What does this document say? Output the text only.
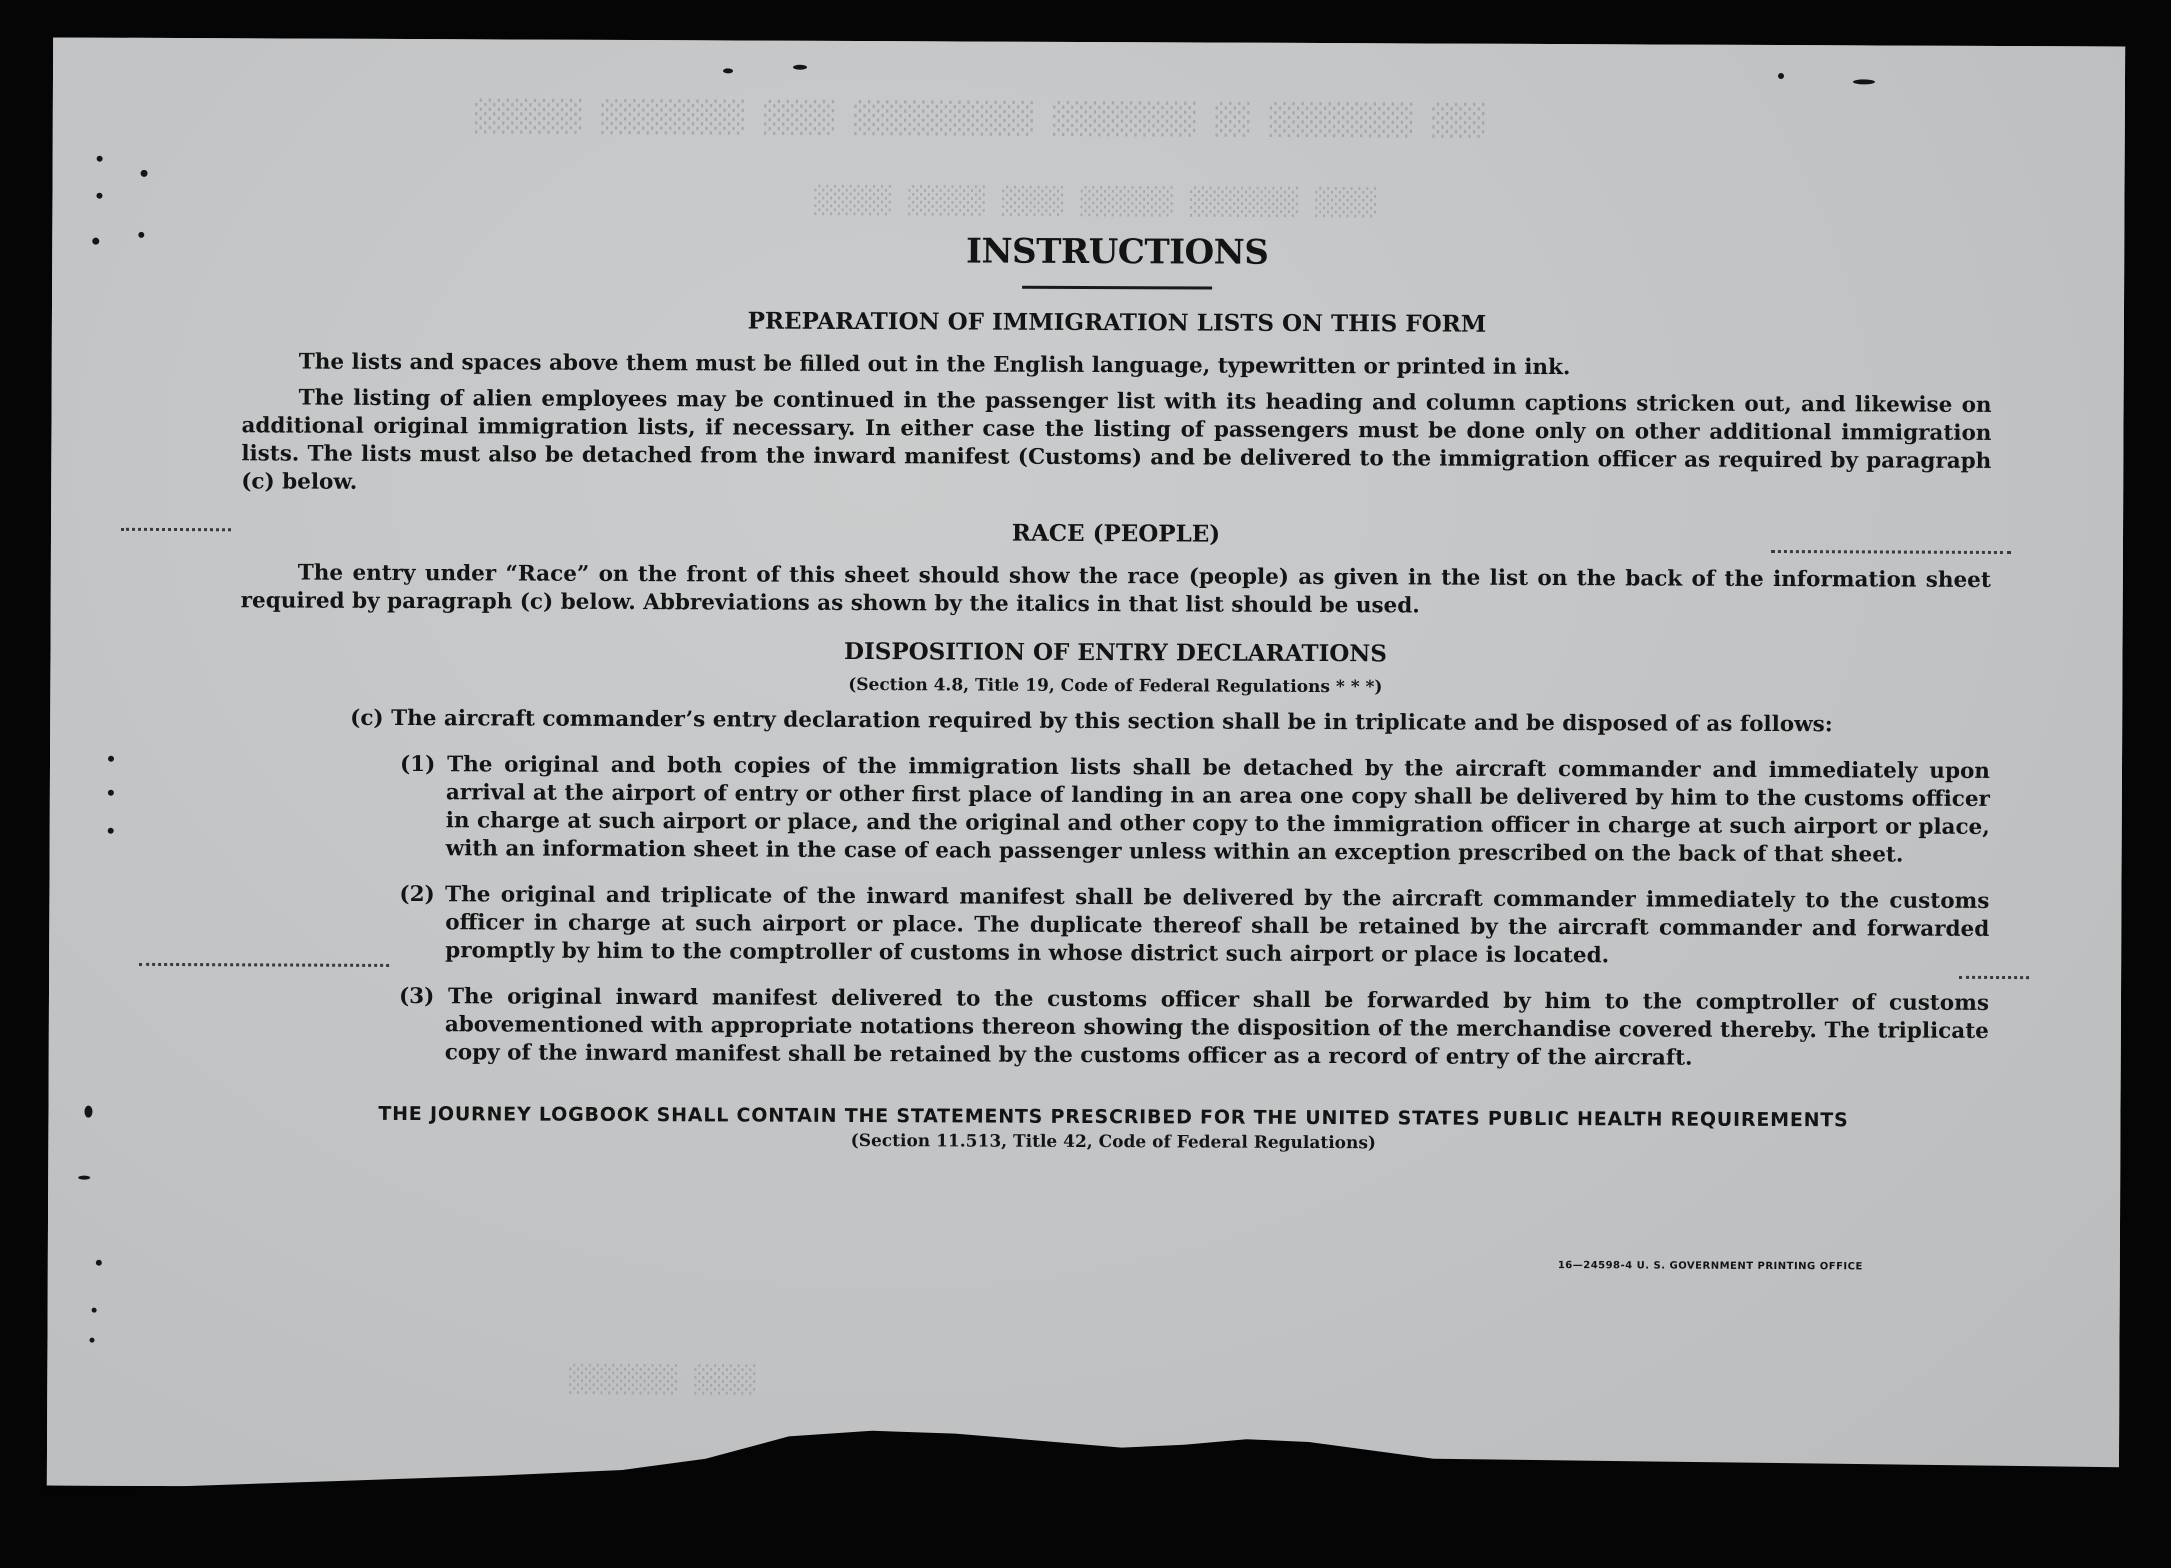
░░░ ░░░░░░░░ ░░ ░░░░░░░░ ░░░░░░░░░░ ░░░░ ░░░░░░░░ ░░░░░░
░░░░ ░░░░░░░ ░░░░░░ ░░░░ ░░░░░ ░░░░░
░░░░ ░░░░░░░
INSTRUCTIONS
PREPARATION OF IMMIGRATION LISTS ON THIS FORM

The lists and spaces above them must be filled out in the English language, typewritten or printed in ink.

The listing of alien employees may be continued in the passenger list with its heading and column captions stricken out, and likewise on additional original immigration lists, if necessary. In either case the listing of passengers must be done only on other additional immigration lists. The lists must also be detached from the inward manifest (Customs) and be delivered to the immigration officer as required by paragraph (c) below.

RACE (PEOPLE)

The entry under “Race” on the front of this sheet should show the race (people) as given in the list on the back of the information sheet required by paragraph (c) below. Abbreviations as shown by the italics in that list should be used.

DISPOSITION OF ENTRY DECLARATIONS
(Section 4.8, Title 19, Code of Federal Regulations * * *)

(c) The aircraft commander’s entry declaration required by this section shall be in triplicate and be disposed of as follows:

(1) The original and both copies of the immigration lists shall be detached by the aircraft commander and immediately upon arrival at the airport of entry or other first place of landing in an area one copy shall be delivered by him to the customs officer in charge at such airport or place, and the original and other copy to the immigration officer in charge at such airport or place, with an information sheet in the case of each passenger unless within an exception prescribed on the back of that sheet.

(2) The original and triplicate of the inward manifest shall be delivered by the aircraft commander immediately to the customs officer in charge at such airport or place. The duplicate thereof shall be retained by the aircraft commander and forwarded promptly by him to the comptroller of customs in whose district such airport or place is located.

(3) The original inward manifest delivered to the customs officer shall be forwarded by him to the comptroller of customs abovementioned with appropriate notations thereon showing the disposition of the merchandise covered thereby. The triplicate copy of the inward manifest shall be retained by the customs officer as a record of entry of the aircraft.

THE JOURNEY LOGBOOK SHALL CONTAIN THE STATEMENTS PRESCRIBED FOR THE UNITED STATES PUBLIC HEALTH REQUIREMENTS
(Section 11.513, Title 42, Code of Federal Regulations)
16—24598-4 U. S. GOVERNMENT PRINTING OFFICE
